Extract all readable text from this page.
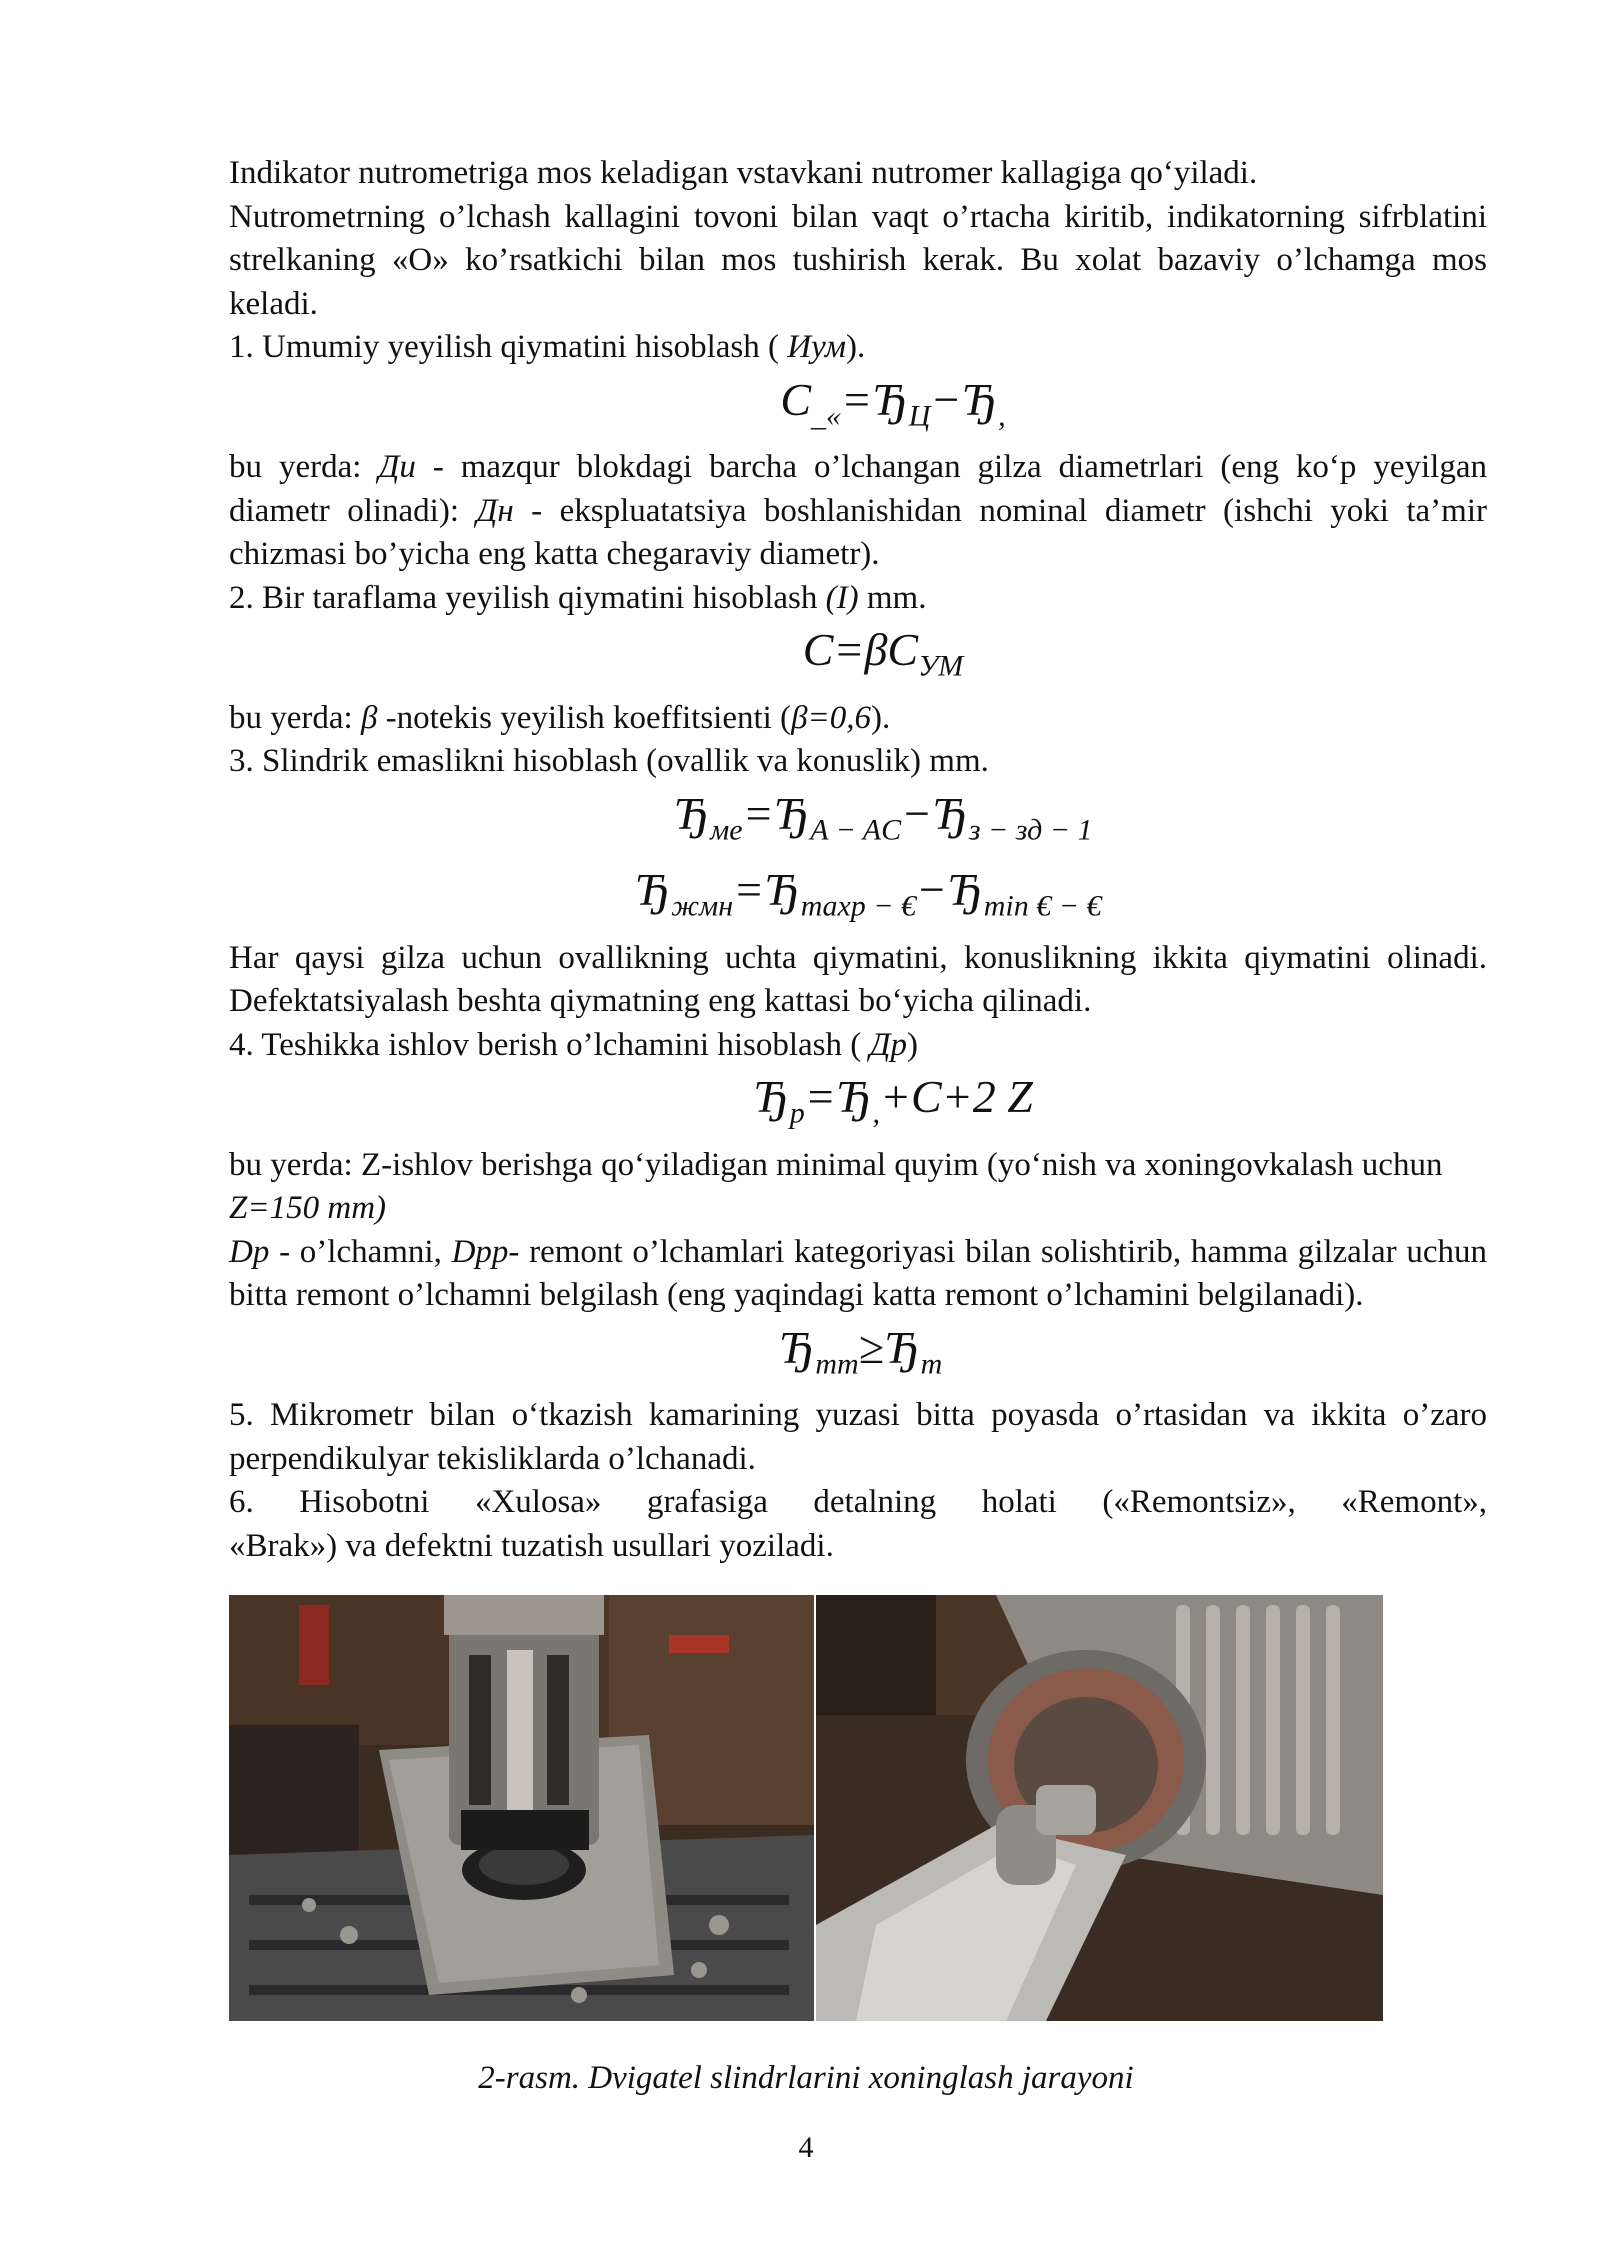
Indikator nutrometriga mos keladigan vstavkani nutromer kallagiga qo‘yiladi.

Nutrometrning o’lchash kallagini tovoni bilan vaqt o’rtacha kiritib, indikatorning sifrblatini strelkaning «O» ko’rsatkichi bilan mos tushirish kerak. Bu xolat bazaviy o’lchamga mos keladi.

1. Umumiy yeyilish qiymatini hisoblash ( Иум).

$C_{\_«}=Ђ_Ц-Ђ_,$

bu yerda: Ди - mazqur blokdagi barcha o’lchangan gilza diametrlari (eng ko‘p yeyilgan diametr olinadi): Дн - ekspluatatsiya boshlanishidan nominal diametr (ishchi yoki ta’mir chizmasi bo’yicha eng katta chegaraviy diametr).

2. Bir taraflama yeyilish qiymatini hisoblash (I) mm.

$C=\beta C_{УМ}$

bu yerda: β -notekis yeyilish koeffitsienti (β=0,6).

3. Slindrik emaslikni hisoblash (ovallik va konuslik) mm.

$Ђ_{ме}=Ђ_{A - AC}-Ђ_{з - зд - 1}$
$Ђ_{жмн}=Ђ_{maxp - €}-Ђ_{min € - €}$

Har qaysi gilza uchun ovallikning uchta qiymatini, konuslikning ikkita qiymatini olinadi. Defektatsiyalash beshta qiymatning eng kattasi bo‘yicha qilinadi.

4. Teshikka ishlov berish o’lchamini hisoblash ( Др)

$Ђ_p=Ђ_,+C+2$ Z

bu yerda: Z-ishlov berishga qo‘yiladigan minimal quyim (yo‘nish va xoningovkalash uchun Z=150 mm)

Dр - o’lchamni, Dрр- remont o’lchamlari kategoriyasi bilan solishtirib, hamma gilzalar uchun bitta remont o’lchamni belgilash (eng yaqindagi katta remont o’lchamini belgilanadi).

$Ђ_{mm}\ge Ђ_m$

5. Mikrometr bilan o‘tkazish kamarining yuzasi bitta poyasda o’rtasidan va ikkita o’zaro perpendikulyar tekisliklarda o’lchanadi.

6. Hisobotni «Xulosa» grafasiga detalning holati («Remontsiz», «Remont»,

«Brak») va defektni tuzatish usullari yoziladi.

2-rasm. Dvigatel slindrlarini xoninglash jarayoni
4
